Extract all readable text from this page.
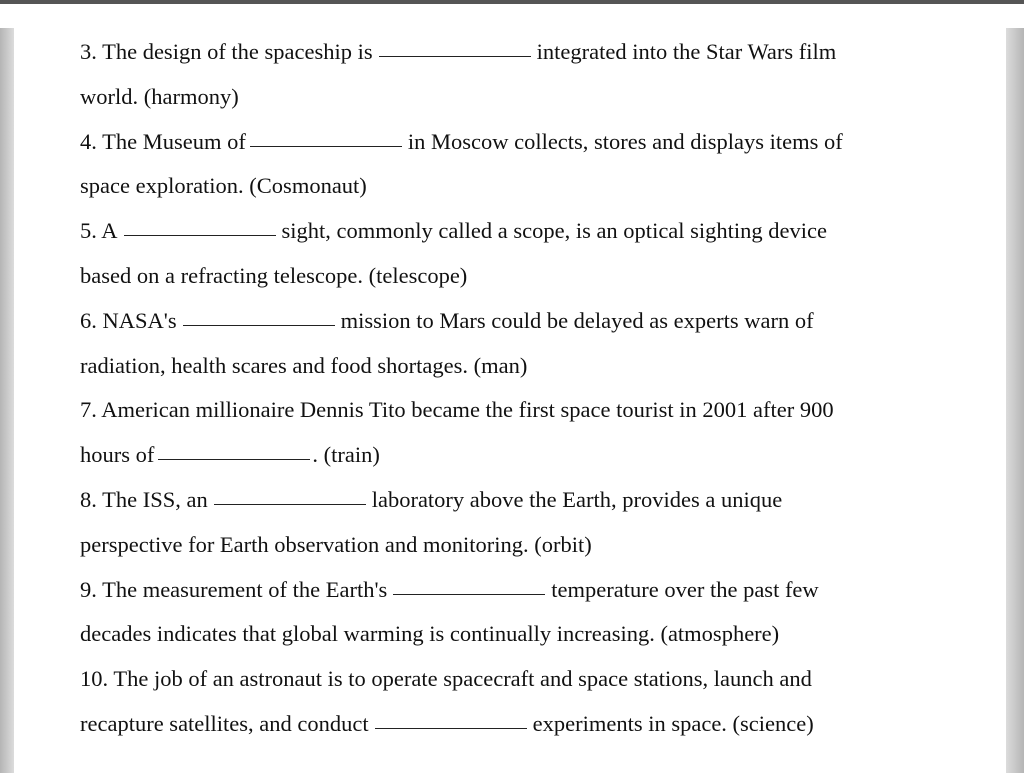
3. The design of the spaceship is	integrated into the Star Wars film
world. (harmony)
4. The Museum of	in Moscow collects, stores and displays items of
space exploration. (Cosmonaut)
5. A	sight, commonly called a scope, is an optical sighting device
based on a refracting telescope. (telescope)
6. NASA's	mission to Mars could be delayed as experts warn of
radiation, health scares and food shortages. (man)
7. American millionaire Dennis Tito became the first space tourist in 2001 after 900
hours of	. (train)
8. The ISS, an	laboratory above the Earth, provides a unique
perspective for Earth observation and monitoring. (orbit)
9. The measurement of the Earth's	temperature over the past few
decades indicates that global warming is continually increasing. (atmosphere)
10. The job of an astronaut is to operate spacecraft and space stations, launch and
recapture satellites, and conduct	experiments in space. (science)
